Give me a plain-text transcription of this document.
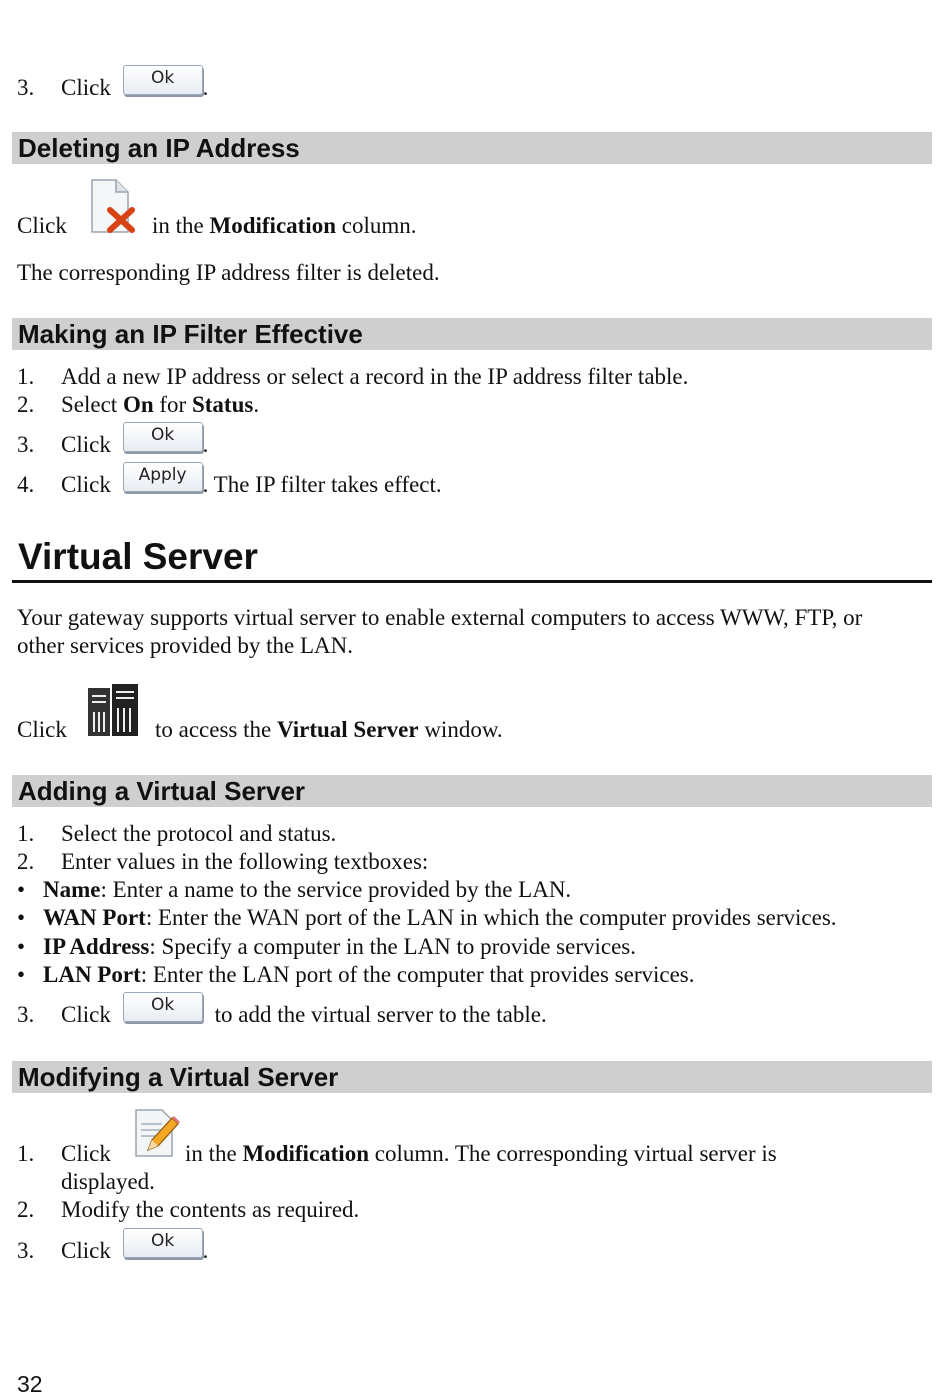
3. Click Ok .
Deleting an IP Address
Click	in the Modification column.
The corresponding IP address filter is deleted.
Making an IP Filter Effective
1. Add a new IP address or select a record in the IP address filter table.
2. Select On for Status.
3. Click Ok .
4. Click Apply . The IP filter takes effect.
Virtual Server
Your gateway supports virtual server to enable external computers to access WWW, FTP, or
other services provided by the LAN.
Click	to access the Virtual Server window.
Adding a Virtual Server
1. Select the protocol and status.
2. Enter values in the following textboxes:
• Name: Enter a name to the service provided by the LAN.
• WAN Port: Enter the WAN port of the LAN in which the computer provides services.
• IP Address: Specify a computer in the LAN to provide services.
• LAN Port: Enter the LAN port of the computer that provides services.
3. Click Ok to add the virtual server to the table.
Modifying a Virtual Server
1. Click	in the Modification column. The corresponding virtual server is
displayed.
2. Modify the contents as required.
3. Click Ok .
32
